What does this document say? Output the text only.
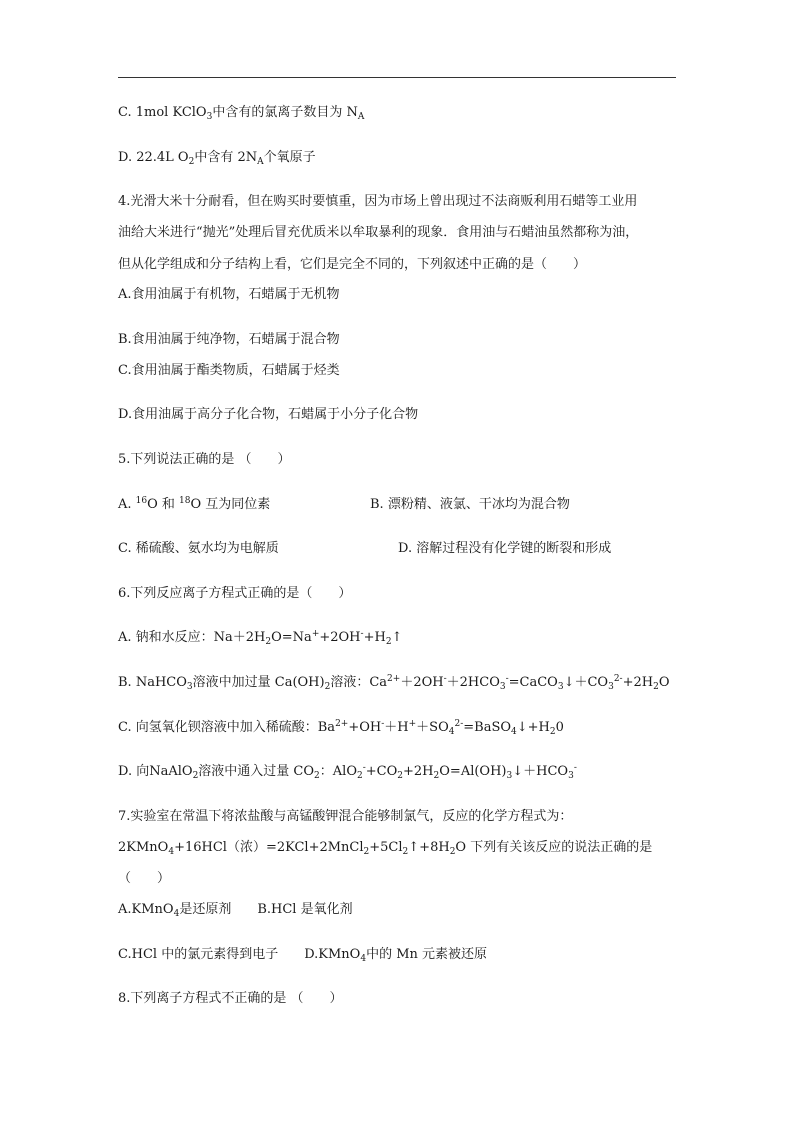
C. 1mol KClO$_3$中含有的氯离子数目为 $N_A$
D. 22.4L $O_2$中含有 $2N_A$个氧原子
4.光滑大米十分耐看，但在购买时要慎重，因为市场上曾出现过不法商贩利用石蜡等工业用
油给大米进行“抛光”处理后冒充优质米以牟取暴利的现象．食用油与石蜡油虽然都称为油，
但从化学组成和分子结构上看，它们是完全不同的，下列叙述中正确的是（　　）
A.食用油属于有机物，石蜡属于无机物
B.食用油属于纯净物，石蜡属于混合物
C.食用油属于酯类物质，石蜡属于烃类
D.食用油属于高分子化合物，石蜡属于小分子化合物
5.下列说法正确的是 （　　）
A. $^{16}$O 和 $^{18}$O 互为同位素	B. 漂粉精、液氯、干冰均为混合物
C. 稀硫酸、氨水均为电解质	D. 溶解过程没有化学键的断裂和形成
6.下列反应离子方程式正确的是（　　）
A. 钠和水反应：$Na+2H_2O=Na^++2OH^-+H_2↑$
B. NaHCO$_3$溶液中加过量 $Ca(OH)_2$溶液：$Ca^{2+}+2OH^-+2HCO_3^-=CaCO_3↓+CO_3^{2-}+2H_2O$
C. 向氢氧化钡溶液中加入稀硫酸：$Ba^{2+}+OH^-+H^++SO_4^{2-}=BaSO_4↓+H_20$
D. 向NaAlO$_2$溶液中通入过量 $CO_2$：$AlO_2^-+CO_2+2H_2O=Al(OH)_3↓+HCO_3^-$
7.实验室在常温下将浓盐酸与高锰酸钾混合能够制氯气，反应的化学方程式为：
2KMnO$_4$+16HCl（浓）$=2KCl+2MnCl_2+5Cl_2↑+8H_2O$ 下列有关该反应的说法正确的是
（　　）
A.KMnO$_4$是还原剂　　B.HCl 是氧化剂
C.HCl 中的氯元素得到电子　　D.KMnO$_4$中的 Mn 元素被还原
8.下列离子方程式不正确的是 （　　）
